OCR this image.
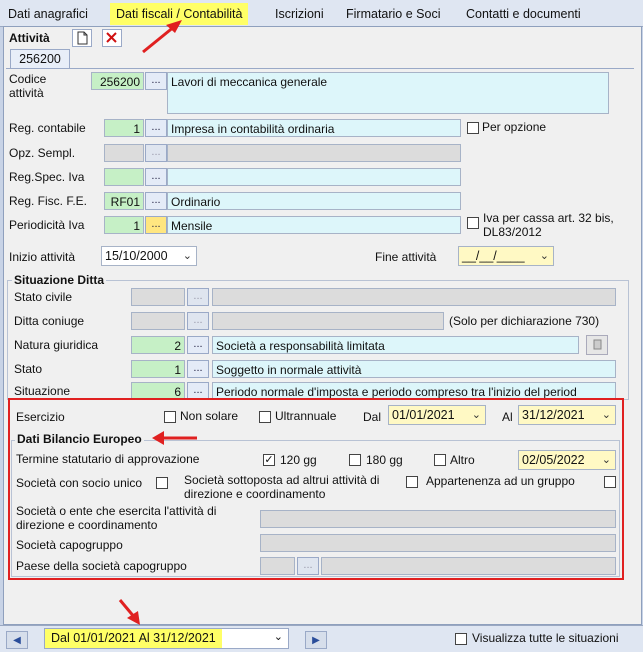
Dati anagrafici	Dati fiscali / Contabilità	Iscrizioni Firmatario e Soci Contatti e documenti
Attività
256200
Codice attività
256200	... Lavori di meccanica generale
Reg. contabile	1	... Impresa in contabilità ordinaria	Per opzione
Opz. Sempl.	...
Reg.Spec. Iva	...
Reg. Fisc. F.E.	RF01	... Ordinario
Periodicità Iva	1	... Mensile
Iva per cassa art. 32 bis, DL83/2012
Inizio attività	15/10/2000 ⌄	Fine attività	__/__/____ ⌄
Situazione Ditta
Stato civile	...
Ditta coniuge	...	(Solo per dichiarazione 730)
Natura giuridica	2	...	Società a responsabilità limitata
Stato	1	...	Soggetto in normale attività
Situazione	6	...	Periodo normale d'imposta e periodo compreso tra l'inizio del period
Esercizio	Non solare	Ultrannuale Dal 01/01/2021 ⌄ Al 31/12/2021 ⌄
Dati Bilancio Europeo
Termine statutario di approvazione	✓ 120 gg	180 gg	Altro	02/05/2022 ⌄
Società con socio unico	Società sottoposta ad altrui attività di direzione e coordinamento
Appartenenza ad un gruppo
Società o ente che esercita l'attività di direzione e coordinamento
Società capogruppo
Paese della società capogruppo	...
◀	Dal 01/01/2021 Al 31/12/2021	⌄	▶	Visualizza tutte le situazioni
